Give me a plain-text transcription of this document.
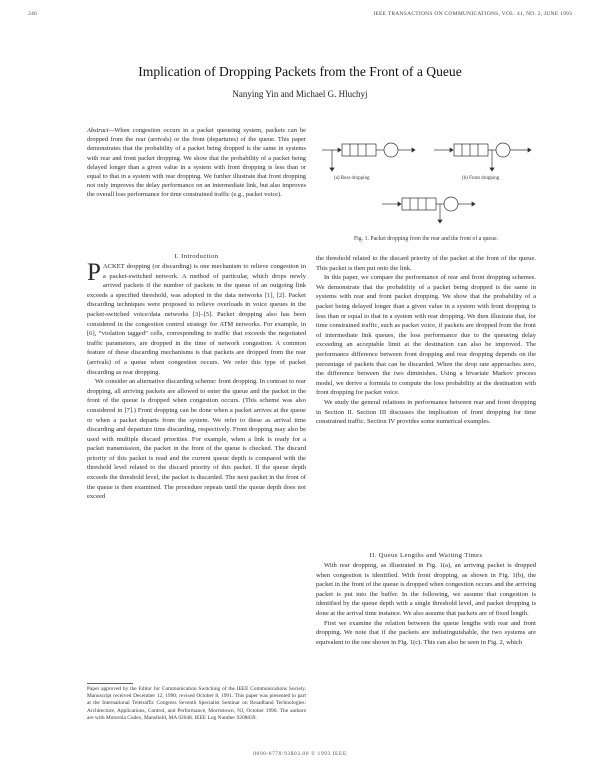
246	IEEE TRANSACTIONS ON COMMUNICATIONS, VOL. 41, NO. 2, JUNE 1993
Implication of Dropping Packets from the Front of a Queue
Nanying Yin and Michael G. Hluchyj

Abstract—When congestion occurs in a packet queueing system, packets can be dropped from the rear (arrivals) or the front (departures) of the queue. This paper demonstrates that the probability of a packet being dropped is the same in systems with rear and front packet dropping. We show that the probability of a packet being delayed longer than a given value in a system with front dropping is less than or equal to that in a system with rear dropping. We further illustrate that front dropping not only improves the delay performance on an intermediate link, but also improves the overall loss performance for time constrained traffic (e.g., packet voice).

I. Introduction

PACKET dropping (or discarding) is one mechanism to relieve congestion in a packet-switched network. A method of particular, which drops newly arrived packets if the number of packets in the queue of an outgoing link exceeds a specified threshold, was adopted in the data networks [1], [2]. Packet discarding techniques were proposed to relieve overloads in voice queues in the packet-switched voice/data networks [3]–[5]. Packet dropping also has been considered in the congestion control strategy for ATM networks. For example, in [6], “violation tagged” cells, corresponding to traffic that exceeds the negotiated traffic parameters, are dropped in the time of network congestion. A common feature of these discarding mechanisms is that packets are dropped from the rear (arrivals) of a queue when congestion occurs. We refer this type of packet discarding as rear dropping.

We consider an alternative discarding scheme: front dropping. In contrast to rear dropping, all arriving packets are allowed to enter the queue and the packet in the front of the queue is dropped when congestion occurs. (This scheme was also considered in [7].) Front dropping can be done when a packet arrives at the queue or when a packet departs from the system. We refer to these as arrival time discarding and departure time discarding, respectively. Front dropping may also be used with multiple discard priorities. For example, when a link is ready for a packet transmission, the packet in the front of the queue is checked. The discard priority of this packet is read and the current queue depth is compared with the threshold level related to the discard priority of this packet. If the queue depth exceeds the threshold level, the packet is discarded. The next packet in the front of the queue is then examined. The procedure repeats until the queue depth does not exceed

Paper approved by the Editor for Communication Switching of the IEEE Communications Society. Manuscript received December 12, 1990; revised October 8, 1991. This paper was presented in part at the International Teletraffic Congress Seventh Specialist Seminar on Broadband Technologies: Architecture, Applications, Control, and Performance, Morristown, NJ, October 1990. The authors are with Motorola Codex, Mansfield, MA 02048. IEEE Log Number 9208839.
(a) Rear dropping	(b) Front dropping
Fig. 1. Packet dropping from the rear and the front of a queue.

the threshold related to the discard priority of the packet at the front of the queue. This packet is then put onto the link.

In this paper, we compare the performance of rear and front dropping schemes. We demonstrate that the probability of a packet being dropped is the same in systems with rear and front packet dropping. We show that the probability of a packet being delayed longer than a given value in a system with front dropping is less than or equal to that in a system with rear dropping. We then illustrate that, for time constrained traffic, such as packet voice, if packets are dropped from the front of intermediate link queues, the loss performance due to the queueing delay exceeding an acceptable limit at the destination can also be improved. The performance difference between front dropping and rear dropping depends on the percentage of packets that can be discarded. When the drop rate approaches zero, the difference between the two diminishes. Using a bivariate Markov process model, we derive a formula to compute the loss probability at the destination with front dropping for packet voice.

We study the general relations in performance between rear and front dropping in Section II. Section III discusses the implication of front dropping for time constrained traffic. Section IV provides some numerical examples.

II. Queue Lengths and Waiting Times

With rear dropping, as illustrated in Fig. 1(a), an arriving packet is dropped when congestion is identified. With front dropping, as shown in Fig. 1(b), the packet in the front of the queue is dropped when congestion occurs and the arriving packet is put into the buffer. In the following, we assume that congestion is identified by the queue depth with a single threshold level, and packet dropping is done at the arrival time instance. We also assume that packets are of fixed length.

First we examine the relation between the queue lengths with rear and front dropping. We note that if the packets are indistinguishable, the two systems are equivalent to the one shown in Fig. 1(c). This can also be seen in Fig. 2, which

0090-6778/93$03.00 © 1993 IEEE
